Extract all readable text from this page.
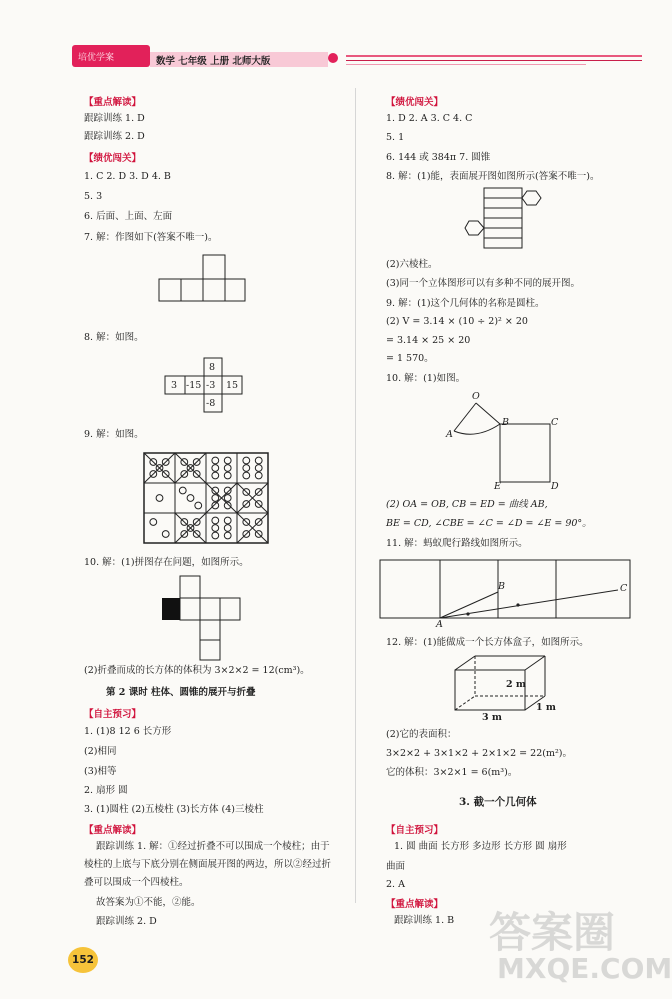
培优学案	数学 七年级 上册 北师大版
【重点解读】
跟踪训练 1. D
跟踪训练 2. D
【绩优闯关】
1. C 2. D 3. D 4. B
5. 3
6. 后面、上面、左面
7. 解：作图如下(答案不唯一)。
8. 解：如图。
8
3 -15 -3 15
-8
9. 解：如图。
10. 解：(1)拼图存在问题，如图所示。
(2)折叠而成的长方体的体积为 3×2×2 = 12(cm³)。
第 2 课时 柱体、圆锥的展开与折叠
【自主预习】
1. (1)8 12 6 长方形
(2)相同
(3)相等
2. 扇形 圆
3. (1)圆柱 (2)五棱柱 (3)长方体 (4)三棱柱
【重点解读】
跟踪训练 1. 解：①经过折叠不可以围成一个棱柱；由于
棱柱的上底与下底分别在侧面展开图的两边，所以②经过折
叠可以围成一个四棱柱。
故答案为①不能，②能。
跟踪训练 2. D
152
【绩优闯关】
1. D 2. A 3. C 4. C
5. 1
6. 144 或 384π 7. 圆锥
8. 解：(1)能，表面展开图如图所示(答案不唯一)。
(2)六棱柱。
(3)同一个立体图形可以有多种不同的展开图。
9. 解：(1)这个几何体的名称是圆柱。
(2) V = 3.14 × (10 ÷ 2)² × 20
= 3.14 × 25 × 20
= 1 570。
10. 解：(1)如图。
O
A
B	C
D
E
(2) OA = OB, CB = ED = 曲线 AB,
BE = CD, ∠CBE = ∠C = ∠D = ∠E = 90°。
11. 解：蚂蚁爬行路线如图所示。
A
B	C
12. 解：(1)能做成一个长方体盒子，如图所示。
2 m
3 m
1 m
(2)它的表面积：
3×2×2 + 3×1×2 + 2×1×2 = 22(m²)。
它的体积：3×2×1 = 6(m³)。
3. 截一个几何体
【自主预习】
1. 圆 曲面 长方形 多边形 长方形 圆 扇形
曲面
2. A
【重点解读】
跟踪训练 1. B 答案圈
MXQE.COM
